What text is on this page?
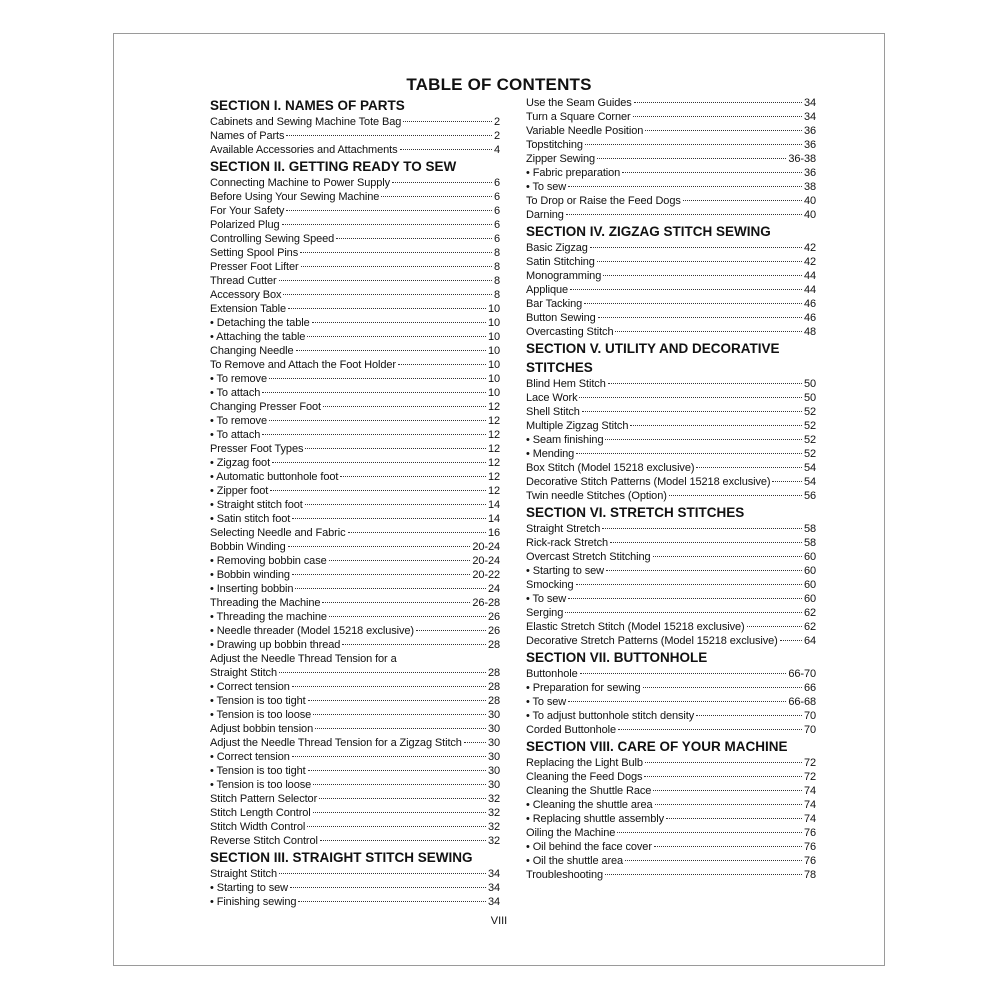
TABLE OF CONTENTS
SECTION I. NAMES OF PARTS
Cabinets and Sewing Machine Tote Bag	2
Names of Parts	2
Available Accessories and Attachments	4
SECTION II. GETTING READY TO SEW
Connecting Machine to Power Supply	6
Before Using Your Sewing Machine	6
For Your Safety	6
Polarized Plug	6
Controlling Sewing Speed	6
Setting Spool Pins	8
Presser Foot Lifter	8
Thread Cutter	8
Accessory Box	8
Extension Table	10
• Detaching the table	10
• Attaching the table	10
Changing Needle	10
To Remove and Attach the Foot Holder	10
• To remove	10
• To attach	10
Changing Presser Foot	12
• To remove	12
• To attach	12
Presser Foot Types	12
• Zigzag foot	12
• Automatic buttonhole foot	12
• Zipper foot	12
• Straight stitch foot	14
• Satin stitch foot	14
Selecting Needle and Fabric	16
Bobbin Winding	20-24
• Removing bobbin case	20-24
• Bobbin winding	20-22
• Inserting bobbin	24
Threading the Machine	26-28
• Threading the machine	26
• Needle threader (Model 15218 exclusive)	26
• Drawing up bobbin thread	28
Adjust the Needle Thread Tension for a
Straight Stitch	28
• Correct tension	28
• Tension is too tight	28
• Tension is too loose	30
Adjust bobbin tension	30
Adjust the Needle Thread Tension for a Zigzag Stitch 30
• Correct tension	30
• Tension is too tight	30
• Tension is too loose	30
Stitch Pattern Selector	32
Stitch Length Control	32
Stitch Width Control	32
Reverse Stitch Control	32
SECTION III. STRAIGHT STITCH SEWING
Straight Stitch	34
• Starting to sew	34
• Finishing sewing	34
Use the Seam Guides	34
Turn a Square Corner	34
Variable Needle Position	36
Topstitching	36
Zipper Sewing	36-38
• Fabric preparation	36
• To sew	38
To Drop or Raise the Feed Dogs	40
Darning	40
SECTION IV. ZIGZAG STITCH SEWING
Basic Zigzag	42
Satin Stitching	42
Monogramming	44
Applique	44
Bar Tacking	46
Button Sewing	46
Overcasting Stitch	48
SECTION V. UTILITY AND DECORATIVE
STITCHES
Blind Hem Stitch	50
Lace Work	50
Shell Stitch	52
Multiple Zigzag Stitch	52
• Seam finishing	52
• Mending	52
Box Stitch (Model 15218 exclusive)	54
Decorative Stitch Patterns (Model 15218 exclusive)	54
Twin needle Stitches (Option)	56
SECTION VI. STRETCH STITCHES
Straight Stretch	58
Rick-rack Stretch	58
Overcast Stretch Stitching	60
• Starting to sew	60
Smocking	60
• To sew	60
Serging	62
Elastic Stretch Stitch (Model 15218 exclusive)	62
Decorative Stretch Patterns (Model 15218 exclusive) 64
SECTION VII. BUTTONHOLE
Buttonhole	66-70
• Preparation for sewing	66
• To sew	66-68
• To adjust buttonhole stitch density	70
Corded Buttonhole	70
SECTION VIII. CARE OF YOUR MACHINE
Replacing the Light Bulb	72
Cleaning the Feed Dogs	72
Cleaning the Shuttle Race	74
• Cleaning the shuttle area	74
• Replacing shuttle assembly	74
Oiling the Machine	76
• Oil behind the face cover	76
• Oil the shuttle area	76
Troubleshooting	78
VIII
